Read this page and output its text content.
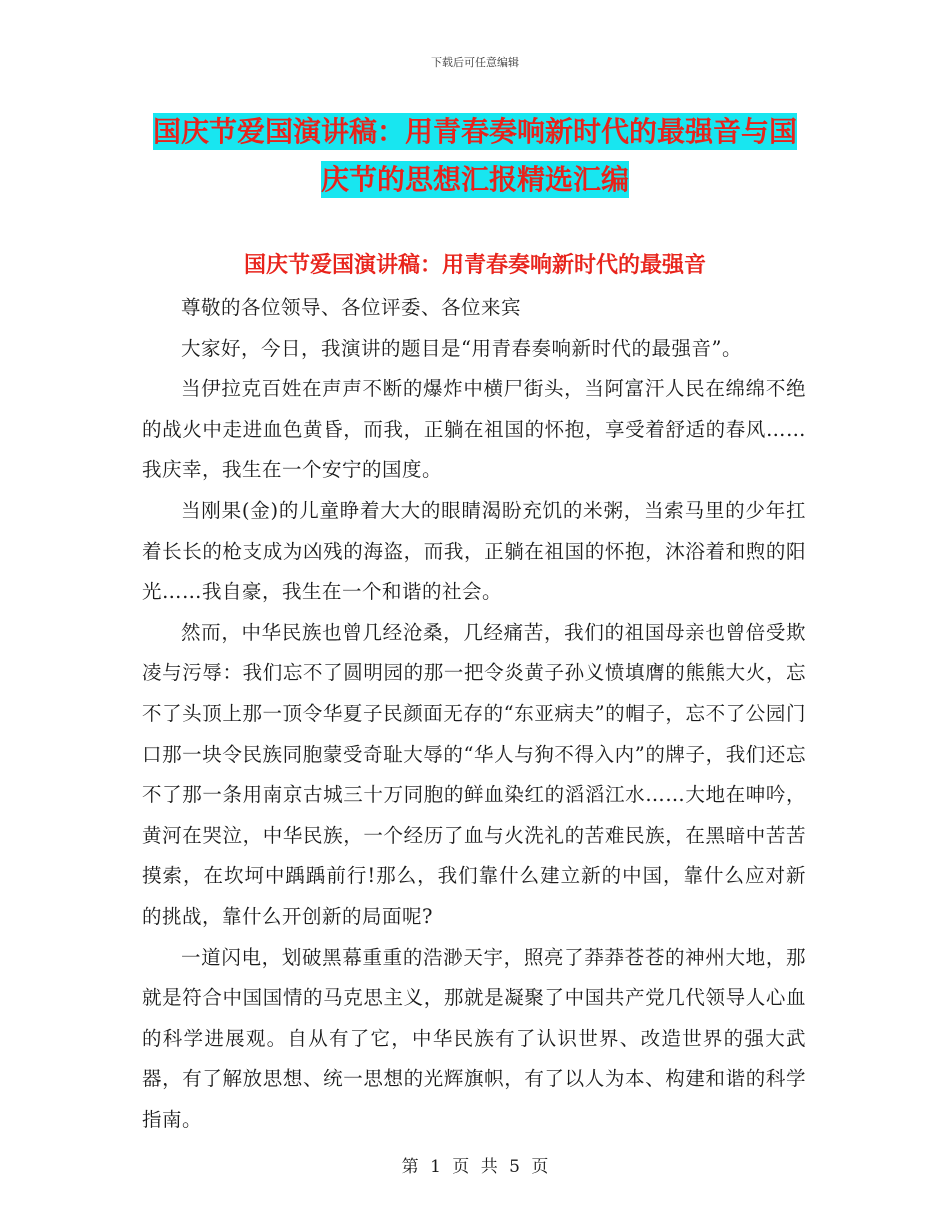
下载后可任意编辑
国庆节爱国演讲稿：用青春奏响新时代的最强音与国
庆节的思想汇报精选汇编
国庆节爱国演讲稿：用青春奏响新时代的最强音

尊敬的各位领导、各位评委、各位来宾

大家好，今日，我演讲的题目是“用青春奏响新时代的最强音”。

当伊拉克百姓在声声不断的爆炸中横尸街头，当阿富汗人民在绵绵不绝的战火中走进血色黄昏，而我，正躺在祖国的怀抱，享受着舒适的春风……我庆幸，我生在一个安宁的国度。

当刚果(金)的儿童睁着大大的眼睛渴盼充饥的米粥，当索马里的少年扛着长长的枪支成为凶残的海盗，而我，正躺在祖国的怀抱，沐浴着和煦的阳光……我自豪，我生在一个和谐的社会。

然而，中华民族也曾几经沧桑，几经痛苦，我们的祖国母亲也曾倍受欺凌与污辱：我们忘不了圆明园的那一把令炎黄子孙义愤填膺的熊熊大火，忘不了头顶上那一顶令华夏子民颜面无存的“东亚病夫”的帽子，忘不了公园门口那一块令民族同胞蒙受奇耻大辱的“华人与狗不得入内”的牌子，我们还忘不了那一条用南京古城三十万同胞的鲜血染红的滔滔江水……大地在呻吟，黄河在哭泣，中华民族，一个经历了血与火洗礼的苦难民族，在黑暗中苦苦摸索，在坎坷中踽踽前行!那么，我们靠什么建立新的中国，靠什么应对新的挑战，靠什么开创新的局面呢?

一道闪电，划破黑幕重重的浩渺天宇，照亮了莽莽苍苍的神州大地，那就是符合中国国情的马克思主义，那就是凝聚了中国共产党几代领导人心血的科学进展观。自从有了它，中华民族有了认识世界、改造世界的强大武器，有了解放思想、统一思想的光辉旗帜，有了以人为本、构建和谐的科学指南。

第 1 页 共 5 页
